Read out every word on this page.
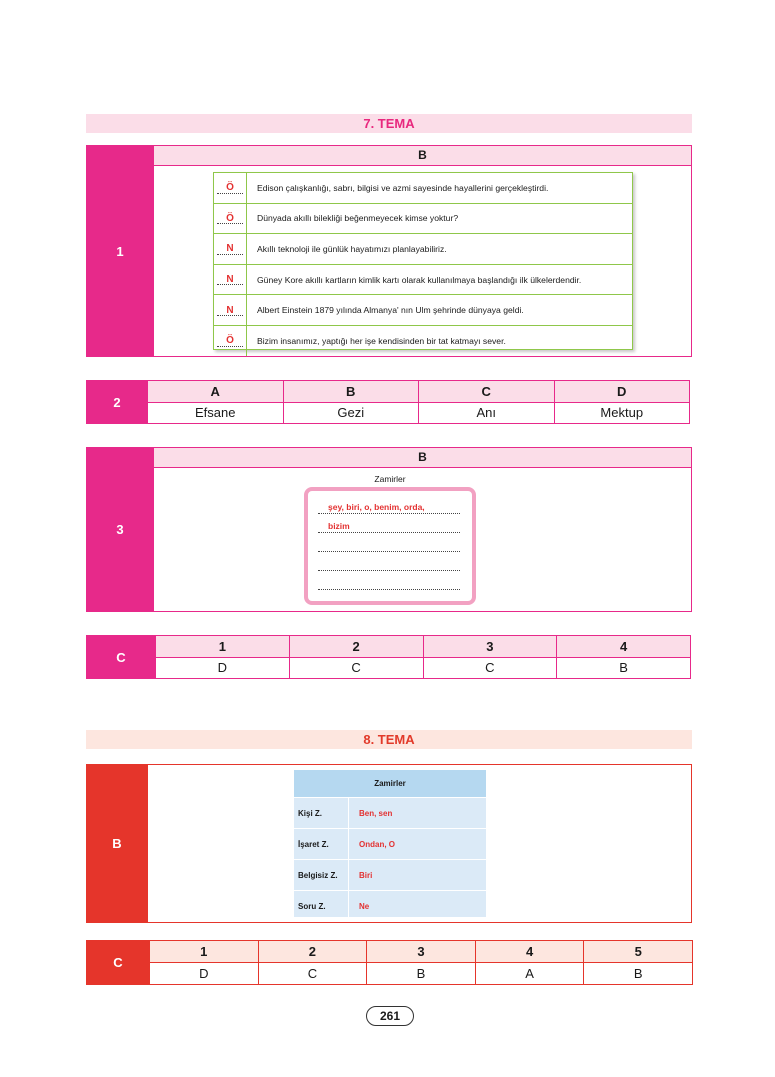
7. TEMA
1
B
Ö	Edison çalışkanlığı, sabrı, bilgisi ve azmi sayesinde hayallerini gerçekleştirdi.
Ö	Dünyada akıllı bilekliği beğenmeyecek kimse yoktur?
N	Akıllı teknoloji ile günlük hayatımızı planlayabiliriz.
N	Güney Kore akıllı kartların kimlik kartı olarak kullanılmaya başlandığı ilk ülkelerdendir.
N	Albert Einstein 1879 yılında Almanya' nın Ulm şehrinde dünyaya geldi.
Ö	Bizim insanımız, yaptığı her işe kendisinden bir tat katmayı sever.
2
A	B	C	D
Efsane	Gezi	Anı	Mektup
3
B
Zamirler
şey, biri, o, benim, orda,
bizim
C
1	2	3	4
D	C	C	B
8. TEMA
B
Zamirler
Kişi Z.	Ben, sen
İşaret Z.	Ondan, O
Belgisiz Z.	Biri
Soru Z.	Ne
C
1	2	3	4	5
D	C	B	A	B
261
